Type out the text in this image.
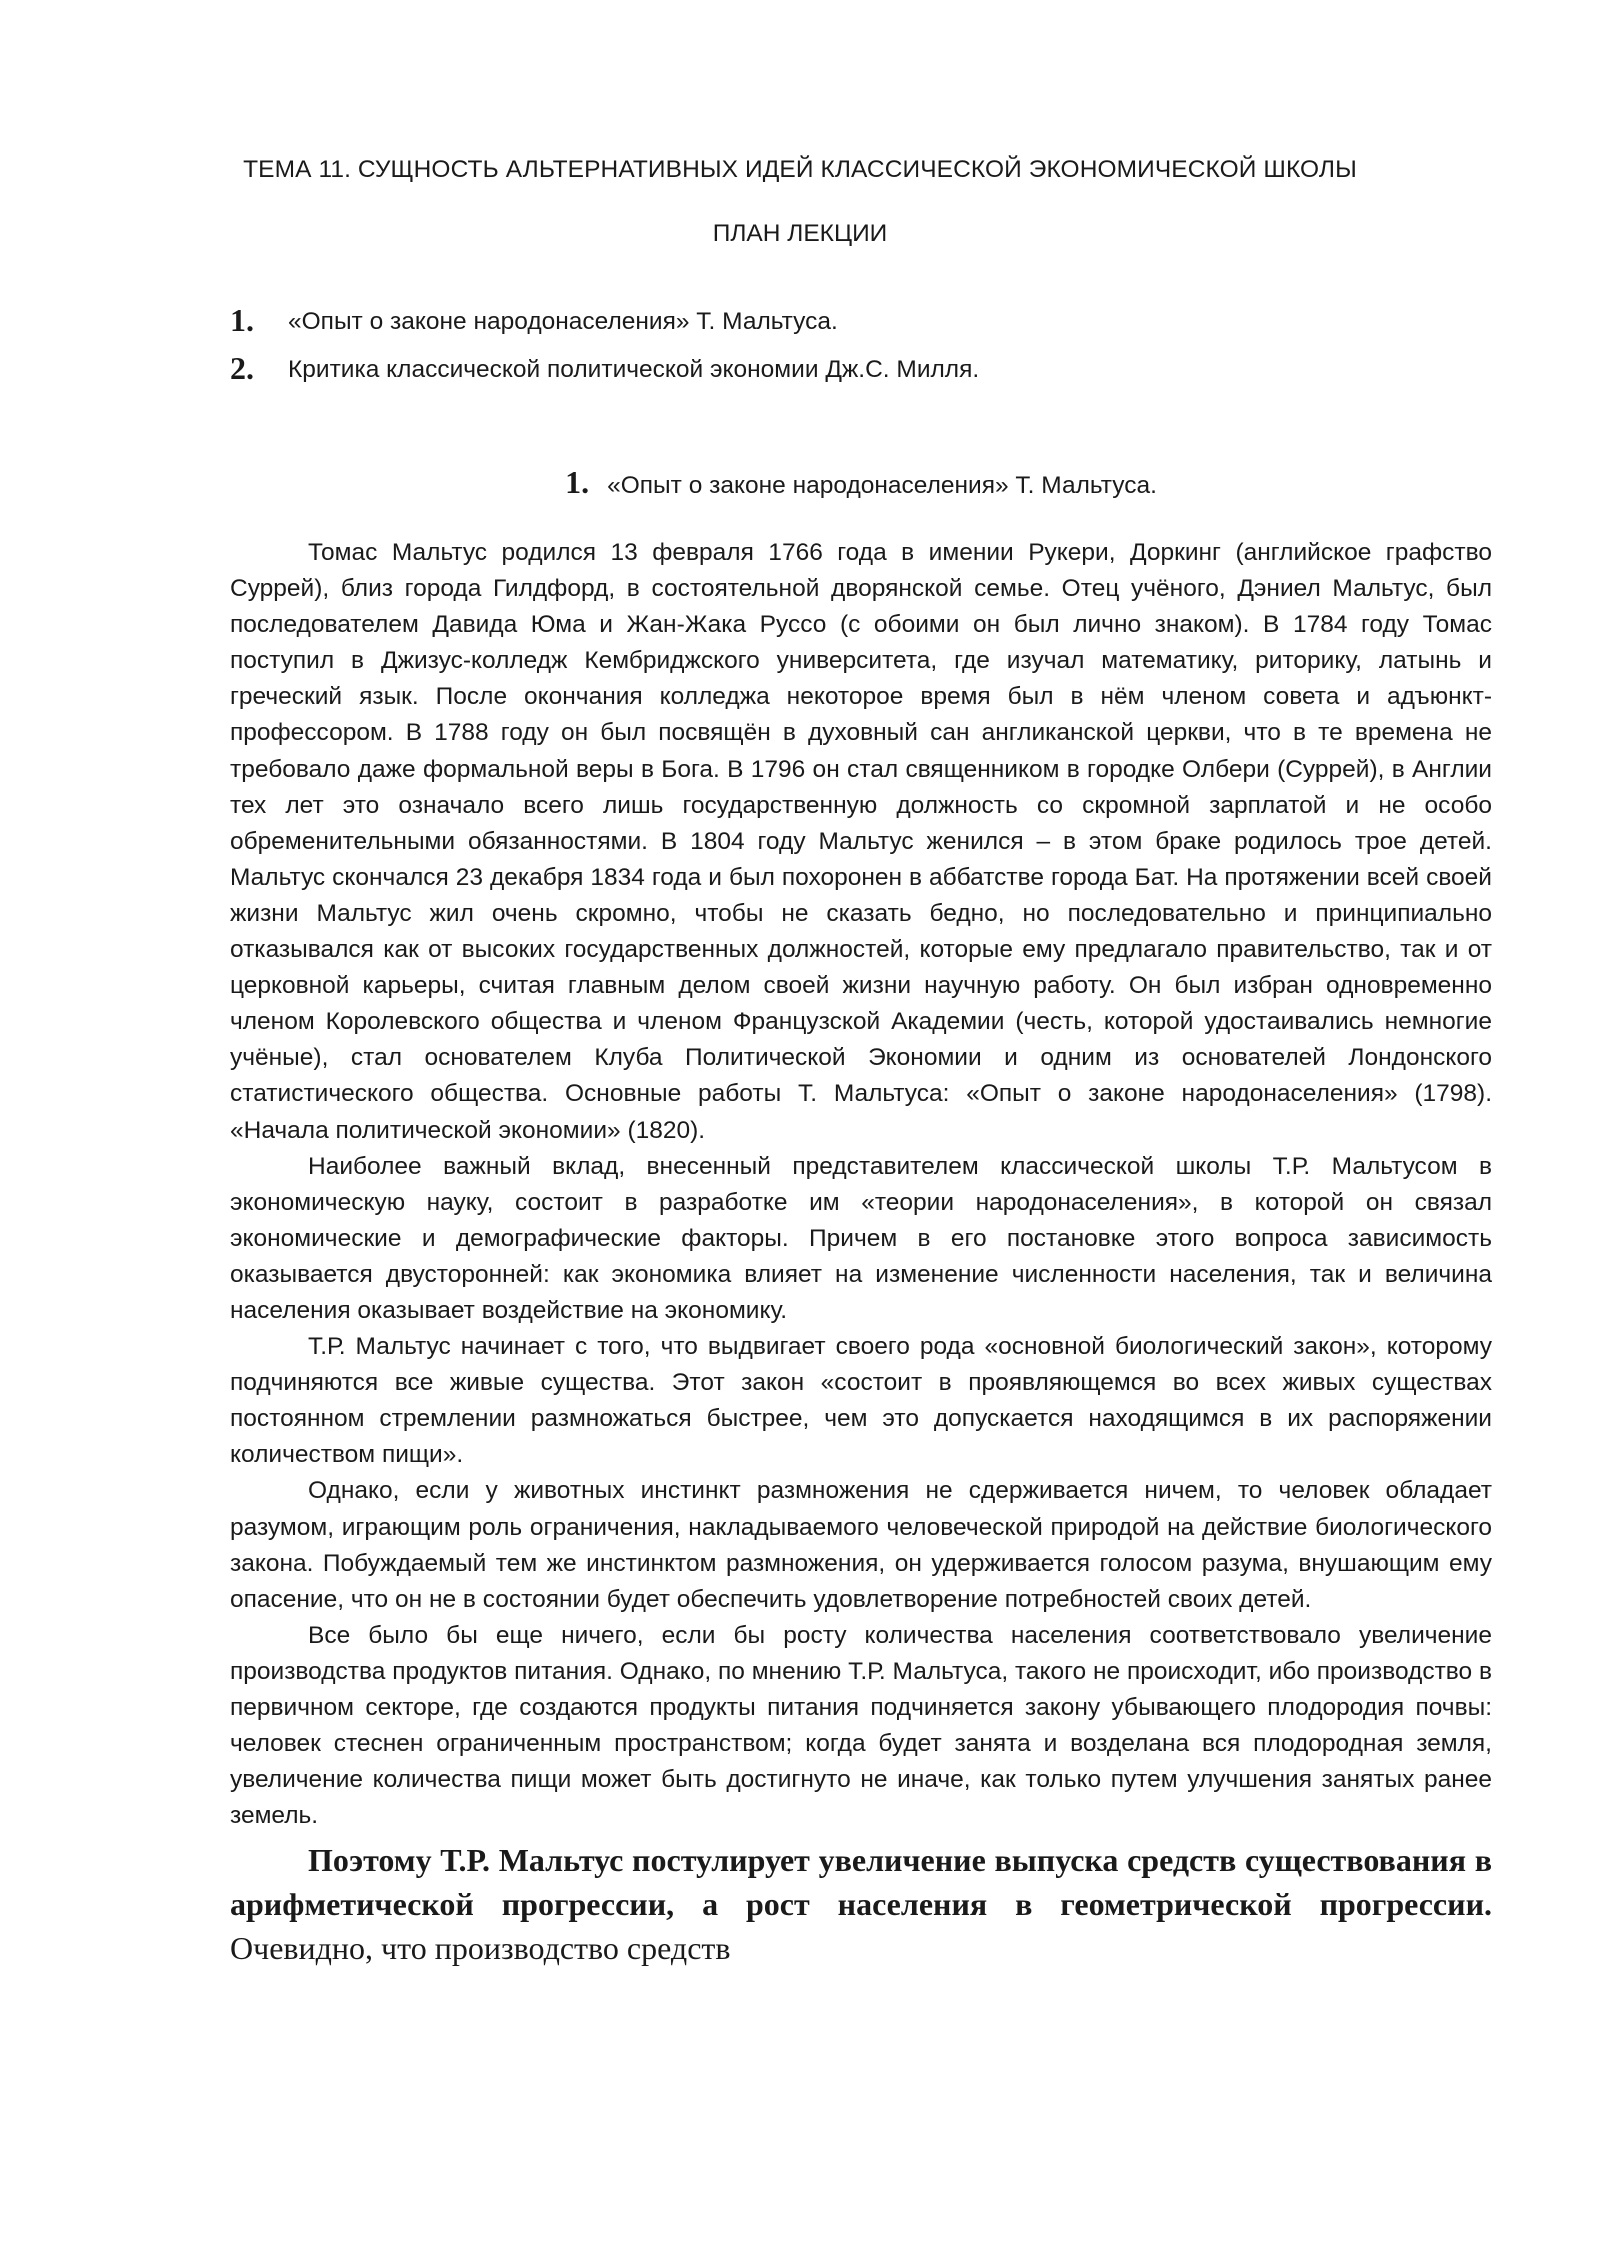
ТЕМА 11. СУЩНОСТЬ АЛЬТЕРНАТИВНЫХ ИДЕЙ КЛАССИЧЕСКОЙ ЭКОНОМИЧЕСКОЙ ШКОЛЫ
ПЛАН ЛЕКЦИИ
1. «Опыт о законе народонаселения» Т. Мальтуса.
2. Критика классической политической экономии Дж.С. Милля.
1. «Опыт о законе народонаселения» Т. Мальтуса.

Томас Мальтус родился 13 февраля 1766 года в имении Рукери, Доркинг (английское графство Суррей), близ города Гилдфорд, в состоятельной дворянской семье. Отец учёного, Дэниел Мальтус, был последователем Давида Юма и Жан-Жака Руссо (с обоими он был лично знаком). В 1784 году Томас поступил в Джизус-колледж Кембриджского университета, где изучал математику, риторику, латынь и греческий язык. После окончания колледжа некоторое время был в нём членом совета и адъюнкт-профессором. В 1788 году он был посвящён в духовный сан англиканской церкви, что в те времена не требовало даже формальной веры в Бога. В 1796 он стал священником в городке Олбери (Суррей), в Англии тех лет это означало всего лишь государственную должность со скромной зарплатой и не особо обременительными обязанностями. В 1804 году Мальтус женился – в этом браке родилось трое детей. Мальтус скончался 23 декабря 1834 года и был похоронен в аббатстве города Бат. На протяжении всей своей жизни Мальтус жил очень скромно, чтобы не сказать бедно, но последовательно и принципиально отказывался как от высоких государственных должностей, которые ему предлагало правительство, так и от церковной карьеры, считая главным делом своей жизни научную работу. Он был избран одновременно членом Королевского общества и членом Французской Академии (честь, которой удостаивались немногие учёные), стал основателем Клуба Политической Экономии и одним из основателей Лондонского статистического общества. Основные работы Т. Мальтуса: «Опыт о законе народонаселения» (1798). «Начала политической экономии» (1820).

Наиболее важный вклад, внесенный представителем классической школы Т.Р. Мальтусом в экономическую науку, состоит в разработке им «теории народонаселения», в которой он связал экономические и демографические факторы. Причем в его постановке этого вопроса зависимость оказывается двусторонней: как экономика влияет на изменение численности населения, так и величина населения оказывает воздействие на экономику.

Т.Р. Мальтус начинает с того, что выдвигает своего рода «основной биологический закон», которому подчиняются все живые существа. Этот закон «состоит в проявляющемся во всех живых существах постоянном стремлении размножаться быстрее, чем это допускается находящимся в их распоряжении количеством пищи».

Однако, если у животных инстинкт размножения не сдерживается ничем, то человек обладает разумом, играющим роль ограничения, накладываемого человеческой природой на действие биологического закона. Побуждаемый тем же инстинктом размножения, он удерживается голосом разума, внушающим ему опасение, что он не в состоянии будет обеспечить удовлетворение потребностей своих детей.

Все было бы еще ничего, если бы росту количества населения соответствовало увеличение производства продуктов питания. Однако, по мнению Т.Р. Мальтуса, такого не происходит, ибо производство в первичном секторе, где создаются продукты питания подчиняется закону убывающего плодородия почвы: человек стеснен ограниченным пространством; когда будет занята и возделана вся плодородная земля, увеличение количества пищи может быть достигнуто не иначе, как только путем улучшения занятых ранее земель.

Поэтому Т.Р. Мальтус постулирует увеличение выпуска средств существования в арифметической прогрессии, а рост населения в геометрической прогрессии. Очевидно, что производство средств
